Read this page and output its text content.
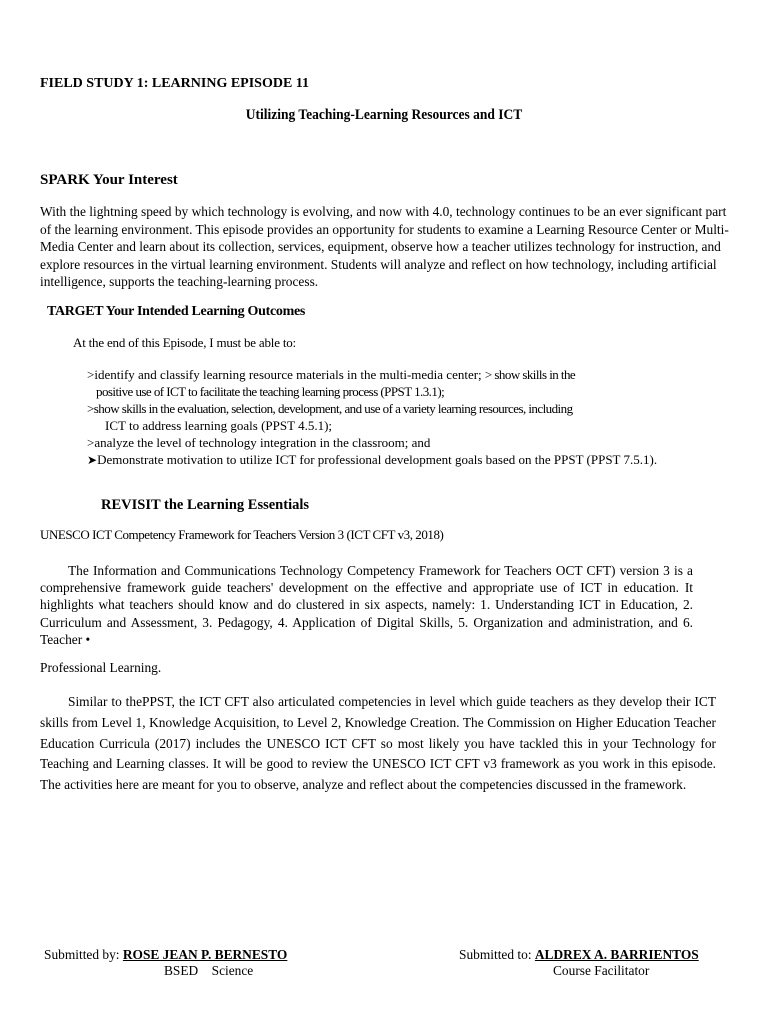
FIELD STUDY 1: LEARNING EPISODE 11
Utilizing Teaching-Learning Resources and ICT
SPARK Your Interest
With the lightning speed by which technology is evolving, and now with 4.0, technology continues to be an ever significant part of the learning environment. This episode provides an opportunity for students to examine a Learning Resource Center or Multi-Media Center and learn about its collection, services, equipment, observe how a teacher utilizes technology for instruction, and explore resources in the virtual learning environment. Students will analyze and reflect on how technology, including artificial intelligence, supports the teaching-learning process.
TARGET Your Intended Learning Outcomes
At the end of this Episode, I must be able to:
>identify and classify learning resource materials in the multi-media center; > show skills in the
positive use of ICT to facilitate the teaching learning process (PPST 1.3.1);
>show skills in the evaluation, selection, development, and use of a variety learning resources, including
ICT to address learning goals (PPST 4.5.1);
>analyze the level of technology integration in the classroom; and
➤Demonstrate motivation to utilize ICT for professional development goals based on the PPST (PPST 7.5.1).
REVISIT the Learning Essentials
UNESCO ICT Competency Framework for Teachers Version 3 (ICT CFT v3, 2018)
The Information and Communications Technology Competency Framework for Teachers OCT CFT) version 3 is a comprehensive framework guide teachers' development on the effective and appropriate use of ICT in education. It highlights what teachers should know and do clustered in six aspects, namely: 1. Understanding ICT in Education, 2. Curriculum and Assessment, 3. Pedagogy, 4. Application of Digital Skills, 5. Organization and administration, and 6. Teacher •
Professional Learning.
Similar to thePPST, the ICT CFT also articulated competencies in level which guide teachers as they develop their ICT skills from Level 1, Knowledge Acquisition, to Level 2, Knowledge Creation. The Commission on Higher Education Teacher Education Curricula (2017) includes the UNESCO ICT CFT so most likely you have tackled this in your Technology for Teaching and Learning classes. It will be good to review the UNESCO ICT CFT v3 framework as you work in this episode. The activities here are meant for you to observe, analyze and reflect about the competencies discussed in the framework.
Submitted by: ROSE JEAN P. BERNESTO
BSED    Science
Submitted to: ALDREX A. BARRIENTOS
Course Facilitator
